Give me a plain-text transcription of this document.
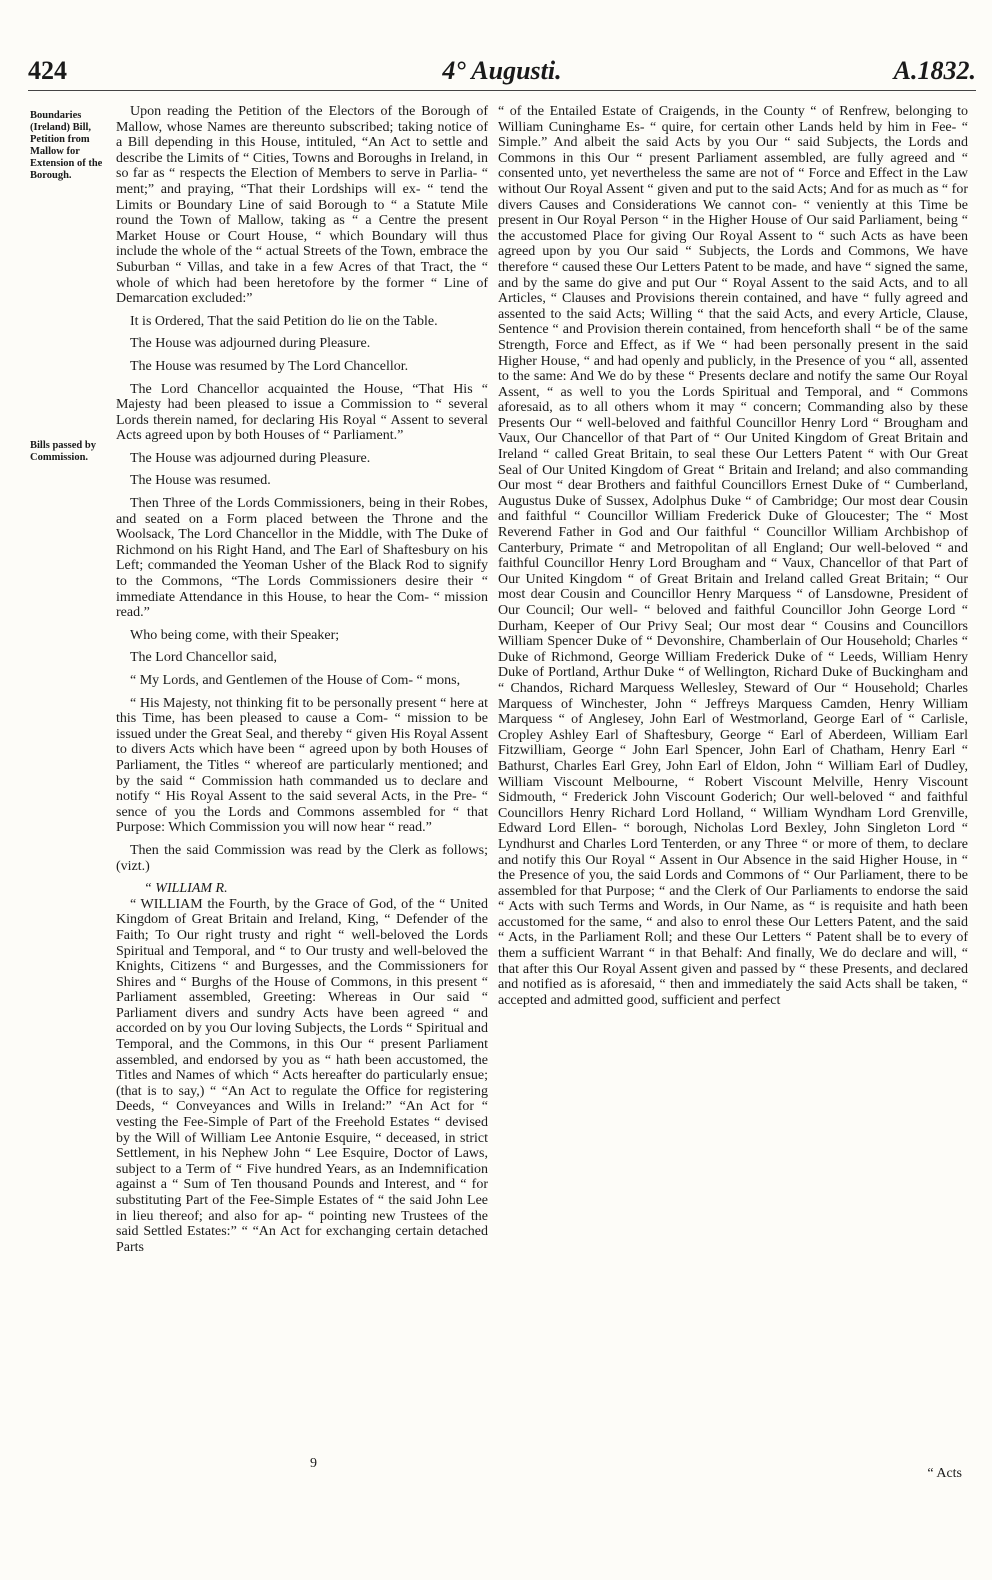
424	4° Augusti.	A.1832.
Boundaries (Ireland) Bill, Petition from Mallow for Extension of the Borough.
Bills passed by Commission.

Upon reading the Petition of the Electors of the Borough of Mallow, whose Names are thereunto subscribed; taking notice of a Bill depending in this House, intituled, “An Act to settle and describe the Limits of “ Cities, Towns and Boroughs in Ireland, in so far as “ respects the Election of Members to serve in Parlia- “ ment;” and praying, “That their Lordships will ex- “ tend the Limits or Boundary Line of said Borough to “ a Statute Mile round the Town of Mallow, taking as “ a Centre the present Market House or Court House, “ which Boundary will thus include the whole of the “ actual Streets of the Town, embrace the Suburban “ Villas, and take in a few Acres of that Tract, the “ whole of which had been heretofore by the former “ Line of Demarcation excluded:”

It is Ordered, That the said Petition do lie on the Table.

The House was adjourned during Pleasure.

The House was resumed by The Lord Chancellor.

The Lord Chancellor acquainted the House, “That His “ Majesty had been pleased to issue a Commission to “ several Lords therein named, for declaring His Royal “ Assent to several Acts agreed upon by both Houses of “ Parliament.”

The House was adjourned during Pleasure.

The House was resumed.

Then Three of the Lords Commissioners, being in their Robes, and seated on a Form placed between the Throne and the Woolsack, The Lord Chancellor in the Middle, with The Duke of Richmond on his Right Hand, and The Earl of Shaftesbury on his Left; commanded the Yeoman Usher of the Black Rod to signify to the Commons, “The Lords Commissioners desire their “ immediate Attendance in this House, to hear the Com- “ mission read.”

Who being come, with their Speaker;

The Lord Chancellor said,

“ My Lords, and Gentlemen of the House of Com- “ mons,

“ His Majesty, not thinking fit to be personally present “ here at this Time, has been pleased to cause a Com- “ mission to be issued under the Great Seal, and thereby “ given His Royal Assent to divers Acts which have been “ agreed upon by both Houses of Parliament, the Titles “ whereof are particularly mentioned; and by the said “ Commission hath commanded us to declare and notify “ His Royal Assent to the said several Acts, in the Pre- “ sence of you the Lords and Commons assembled for “ that Purpose: Which Commission you will now hear “ read.”

Then the said Commission was read by the Clerk as follows; (vizt.)

“ WILLIAM R.

“ WILLIAM the Fourth, by the Grace of God, of the “ United Kingdom of Great Britain and Ireland, King, “ Defender of the Faith; To Our right trusty and right “ well-beloved the Lords Spiritual and Temporal, and “ to Our trusty and well-beloved the Knights, Citizens “ and Burgesses, and the Commissioners for Shires and “ Burghs of the House of Commons, in this present “ Parliament assembled, Greeting: Whereas in Our said “ Parliament divers and sundry Acts have been agreed “ and accorded on by you Our loving Subjects, the Lords “ Spiritual and Temporal, and the Commons, in this Our “ present Parliament assembled, and endorsed by you as “ hath been accustomed, the Titles and Names of which “ Acts hereafter do particularly ensue; (that is to say,) “ “An Act to regulate the Office for registering Deeds, “ Conveyances and Wills in Ireland:” “An Act for “ vesting the Fee-Simple of Part of the Freehold Estates “ devised by the Will of William Lee Antonie Esquire, “ deceased, in strict Settlement, in his Nephew John “ Lee Esquire, Doctor of Laws, subject to a Term of “ Five hundred Years, as an Indemnification against a “ Sum of Ten thousand Pounds and Interest, and “ for substituting Part of the Fee-Simple Estates of “ the said John Lee in lieu thereof; and also for ap- “ pointing new Trustees of the said Settled Estates:” “ “An Act for exchanging certain detached Parts

“ of the Entailed Estate of Craigends, in the County “ of Renfrew, belonging to William Cuninghame Es- “ quire, for certain other Lands held by him in Fee- “ Simple.” And albeit the said Acts by you Our “ said Subjects, the Lords and Commons in this Our “ present Parliament assembled, are fully agreed and “ consented unto, yet nevertheless the same are not of “ Force and Effect in the Law without Our Royal Assent “ given and put to the said Acts; And for as much as “ for divers Causes and Considerations We cannot con- “ veniently at this Time be present in Our Royal Person “ in the Higher House of Our said Parliament, being “ the accustomed Place for giving Our Royal Assent to “ such Acts as have been agreed upon by you Our said “ Subjects, the Lords and Commons, We have therefore “ caused these Our Letters Patent to be made, and have “ signed the same, and by the same do give and put Our “ Royal Assent to the said Acts, and to all Articles, “ Clauses and Provisions therein contained, and have “ fully agreed and assented to the said Acts; Willing “ that the said Acts, and every Article, Clause, Sentence “ and Provision therein contained, from henceforth shall “ be of the same Strength, Force and Effect, as if We “ had been personally present in the said Higher House, “ and had openly and publicly, in the Presence of you “ all, assented to the same: And We do by these “ Presents declare and notify the same Our Royal Assent, “ as well to you the Lords Spiritual and Temporal, and “ Commons aforesaid, as to all others whom it may “ concern; Commanding also by these Presents Our “ well-beloved and faithful Councillor Henry Lord “ Brougham and Vaux, Our Chancellor of that Part of “ Our United Kingdom of Great Britain and Ireland “ called Great Britain, to seal these Our Letters Patent “ with Our Great Seal of Our United Kingdom of Great “ Britain and Ireland; and also commanding Our most “ dear Brothers and faithful Councillors Ernest Duke of “ Cumberland, Augustus Duke of Sussex, Adolphus Duke “ of Cambridge; Our most dear Cousin and faithful “ Councillor William Frederick Duke of Gloucester; The “ Most Reverend Father in God and Our faithful “ Councillor William Archbishop of Canterbury, Primate “ and Metropolitan of all England; Our well-beloved “ and faithful Councillor Henry Lord Brougham and “ Vaux, Chancellor of that Part of Our United Kingdom “ of Great Britain and Ireland called Great Britain; “ Our most dear Cousin and Councillor Henry Marquess “ of Lansdowne, President of Our Council; Our well- “ beloved and faithful Councillor John George Lord “ Durham, Keeper of Our Privy Seal; Our most dear “ Cousins and Councillors William Spencer Duke of “ Devonshire, Chamberlain of Our Household; Charles “ Duke of Richmond, George William Frederick Duke of “ Leeds, William Henry Duke of Portland, Arthur Duke “ of Wellington, Richard Duke of Buckingham and “ Chandos, Richard Marquess Wellesley, Steward of Our “ Household; Charles Marquess of Winchester, John “ Jeffreys Marquess Camden, Henry William Marquess “ of Anglesey, John Earl of Westmorland, George Earl of “ Carlisle, Cropley Ashley Earl of Shaftesbury, George “ Earl of Aberdeen, William Earl Fitzwilliam, George “ John Earl Spencer, John Earl of Chatham, Henry Earl “ Bathurst, Charles Earl Grey, John Earl of Eldon, John “ William Earl of Dudley, William Viscount Melbourne, “ Robert Viscount Melville, Henry Viscount Sidmouth, “ Frederick John Viscount Goderich; Our well-beloved “ and faithful Councillors Henry Richard Lord Holland, “ William Wyndham Lord Grenville, Edward Lord Ellen- “ borough, Nicholas Lord Bexley, John Singleton Lord “ Lyndhurst and Charles Lord Tenterden, or any Three “ or more of them, to declare and notify this Our Royal “ Assent in Our Absence in the said Higher House, in “ the Presence of you, the said Lords and Commons of “ Our Parliament, there to be assembled for that Purpose; “ and the Clerk of Our Parliaments to endorse the said “ Acts with such Terms and Words, in Our Name, as “ is requisite and hath been accustomed for the same, “ and also to enrol these Our Letters Patent, and the said “ Acts, in the Parliament Roll; and these Our Letters “ Patent shall be to every of them a sufficient Warrant “ in that Behalf: And finally, We do declare and will, “ that after this Our Royal Assent given and passed by “ these Presents, and declared and notified as is aforesaid, “ then and immediately the said Acts shall be taken, “ accepted and admitted good, sufficient and perfect

9
“ Acts
